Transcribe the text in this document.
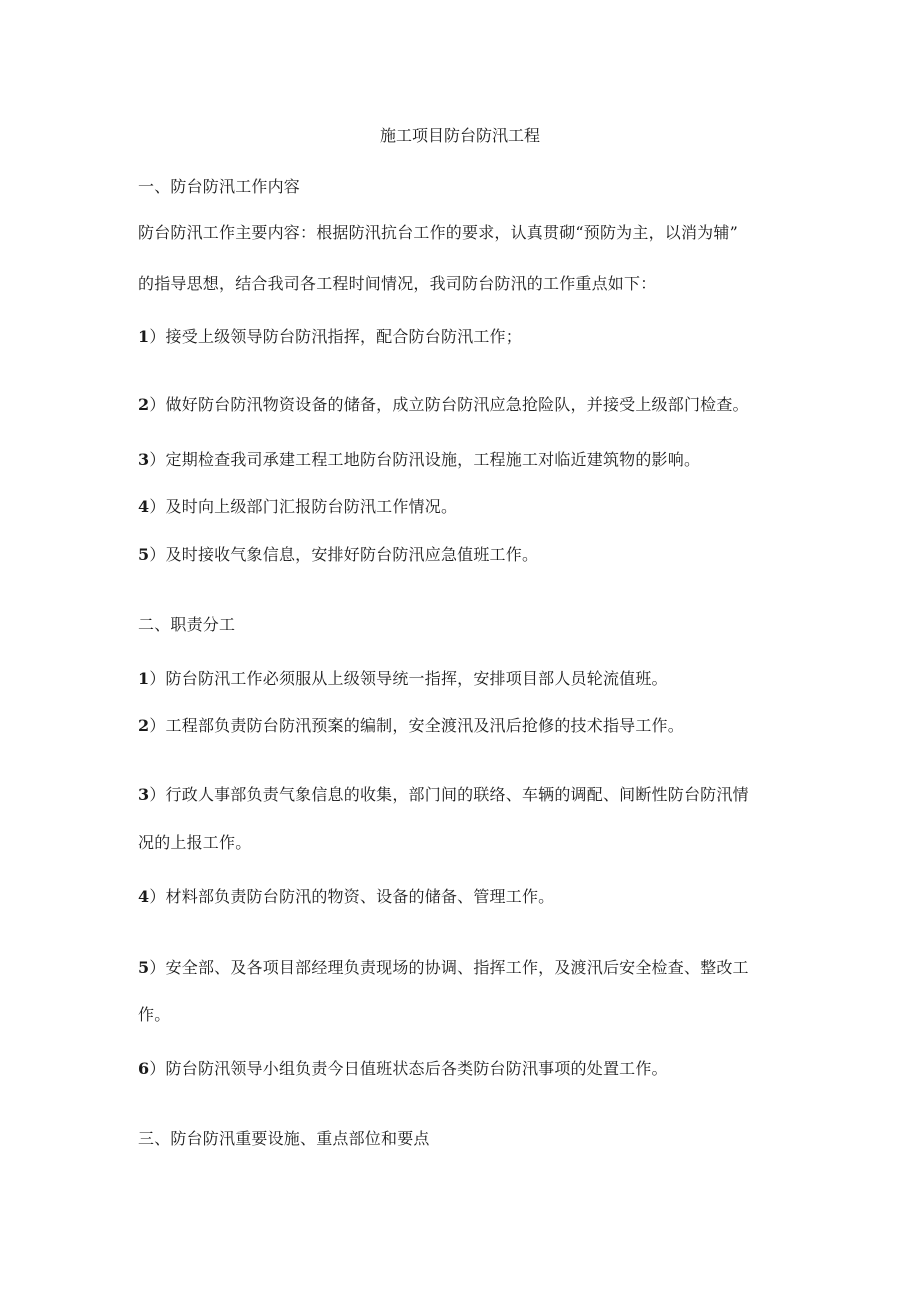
施工项目防台防汛工程
一、防台防汛工作内容
防台防汛工作主要内容：根据防汛抗台工作的要求，认真贯砌“预防为主，以消为辅”
的指导思想，结合我司各工程时间情况，我司防台防汛的工作重点如下：
1）接受上级领导防台防汛指挥，配合防台防汛工作；
2）做好防台防汛物资设备的储备，成立防台防汛应急抢险队，并接受上级部门检查。
3）定期检查我司承建工程工地防台防汛设施，工程施工对临近建筑物的影响。
4）及时向上级部门汇报防台防汛工作情况。
5）及时接收气象信息，安排好防台防汛应急值班工作。
二、职责分工
1）防台防汛工作必须服从上级领导统一指挥，安排项目部人员轮流值班。
2）工程部负责防台防汛预案的编制，安全渡汛及汛后抢修的技术指导工作。
3）行政人事部负责气象信息的收集，部门间的联络、车辆的调配、间断性防台防汛情
况的上报工作。
4）材料部负责防台防汛的物资、设备的储备、管理工作。
5）安全部、及各项目部经理负责现场的协调、指挥工作，及渡汛后安全检查、整改工
作。
6）防台防汛领导小组负责今日值班状态后各类防台防汛事项的处置工作。
三、防台防汛重要设施、重点部位和要点
